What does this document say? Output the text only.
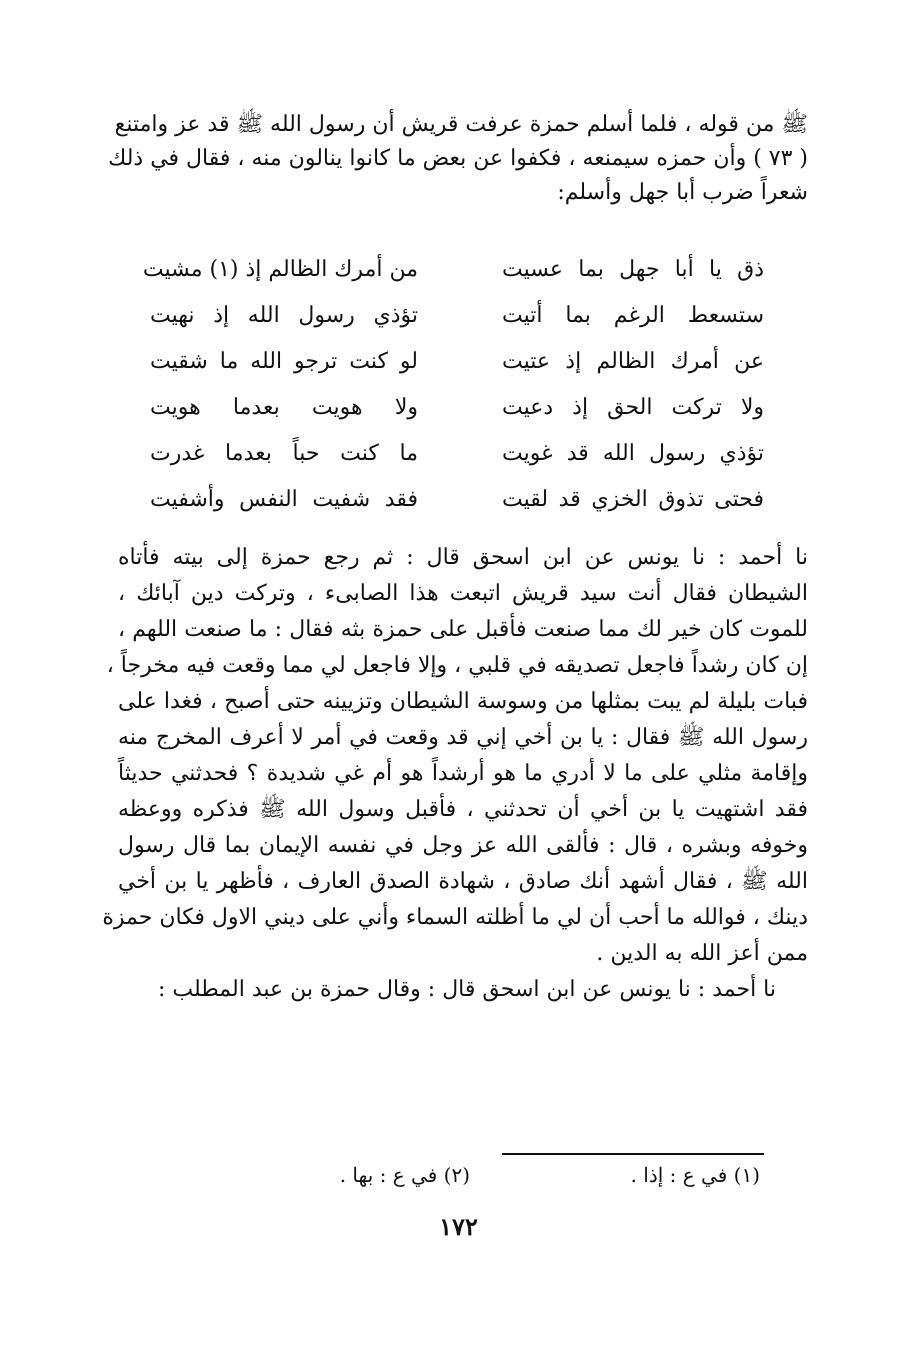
ﷺ من قوله ، فلما أسلم حمزة عرفت قريش أن رسول الله ﷺ قد عز وامتنع

( ٧٣ ) وأن حمزه سيمنعه ، فكفوا عن بعض ما كانوا ينالون منه ، فقال في ذلك

شعراً ضرب أبا جهل وأسلم:

ذق يا أبا جهل بما عسيت
ستسعط الرغم بما أتيت
عن أمرك الظالم إذ عتيت
ولا تركت الحق إذ دعيت
تؤذي رسول الله قد غويت
فحتى تذوق الخزي قد لقيت
من أمرك الظالم إذ (١) مشيت
تؤذي رسول الله إذ نهيت
لو كنت ترجو الله ما شقيت
ولا هويت بعدما هويت
ما كنت حباً بعدما غدرت
فقد شفيت النفس وأشفيت

نا أحمد : نا يونس عن ابن اسحق قال : ثم رجع حمزة إلى بيته فأتاه

الشيطان فقال أنت سيد قريش اتبعت هذا الصابىء ، وتركت دين آبائك ،

للموت كان خير لك مما صنعت فأقبل على حمزة بثه فقال : ما صنعت اللهم ،

إن كان رشداً فاجعل تصديقه في قلبي ، وإلا فاجعل لي مما وقعت فيه مخرجاً ،

فبات بليلة لم يبت بمثلها من وسوسة الشيطان وتزيينه حتى أصبح ، فغدا على

رسول الله ﷺ فقال : يا بن أخي إني قد وقعت في أمر لا أعرف المخرج منه

وإقامة مثلي على ما لا أدري ما هو أرشداً هو أم غي شديدة ؟ فحدثني حديثاً

فقد اشتهيت يا بن أخي أن تحدثني ، فأقبل وسول الله ﷺ فذكره ووعظه

وخوفه وبشره ، قال : فألقى الله عز وجل في نفسه الإيمان بما قال رسول

الله ﷺ ، فقال أشهد أنك صادق ، شهادة الصدق العارف ، فأظهر يا بن أخي

دينك ، فوالله ما أحب أن لي ما أظلته السماء وأني على ديني الاول فكان حمزة

ممن أعز الله به الدين .

نا أحمد : نا يونس عن ابن اسحق قال : وقال حمزة بن عبد المطلب :

(١) في ع : إذا .
(٢) في ع : بها .
١٧٢
